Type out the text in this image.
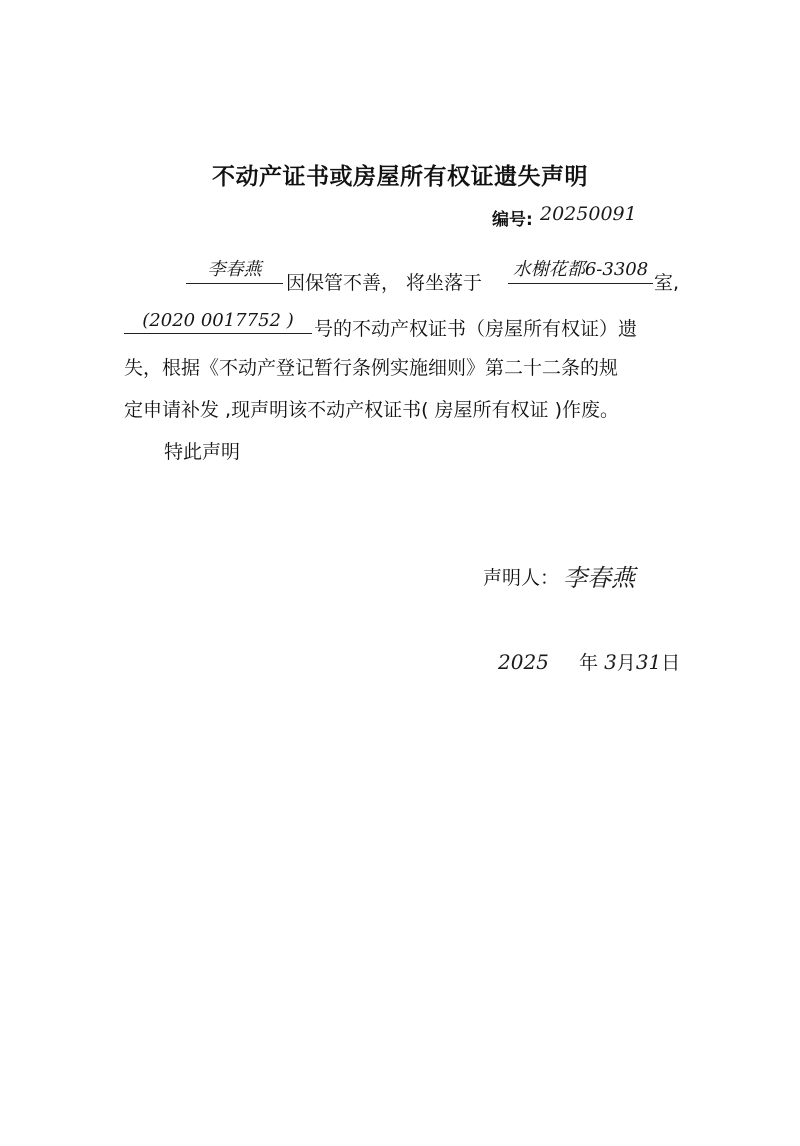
不动产证书或房屋所有权证遗失声明
编号: 20250091
李春燕
因保管不善， 将坐落于
水榭花都6-3308
室,
(2020 0017752 )	号的不动产权证书（房屋所有权证）遗
失，根据《不动产登记暂行条例实施细则》第二十二条的规
定申请补发 ,现声明该不动产权证书( 房屋所有权证 )作废。
特此声明
声明人： 李春燕
2025 年 3月31日
